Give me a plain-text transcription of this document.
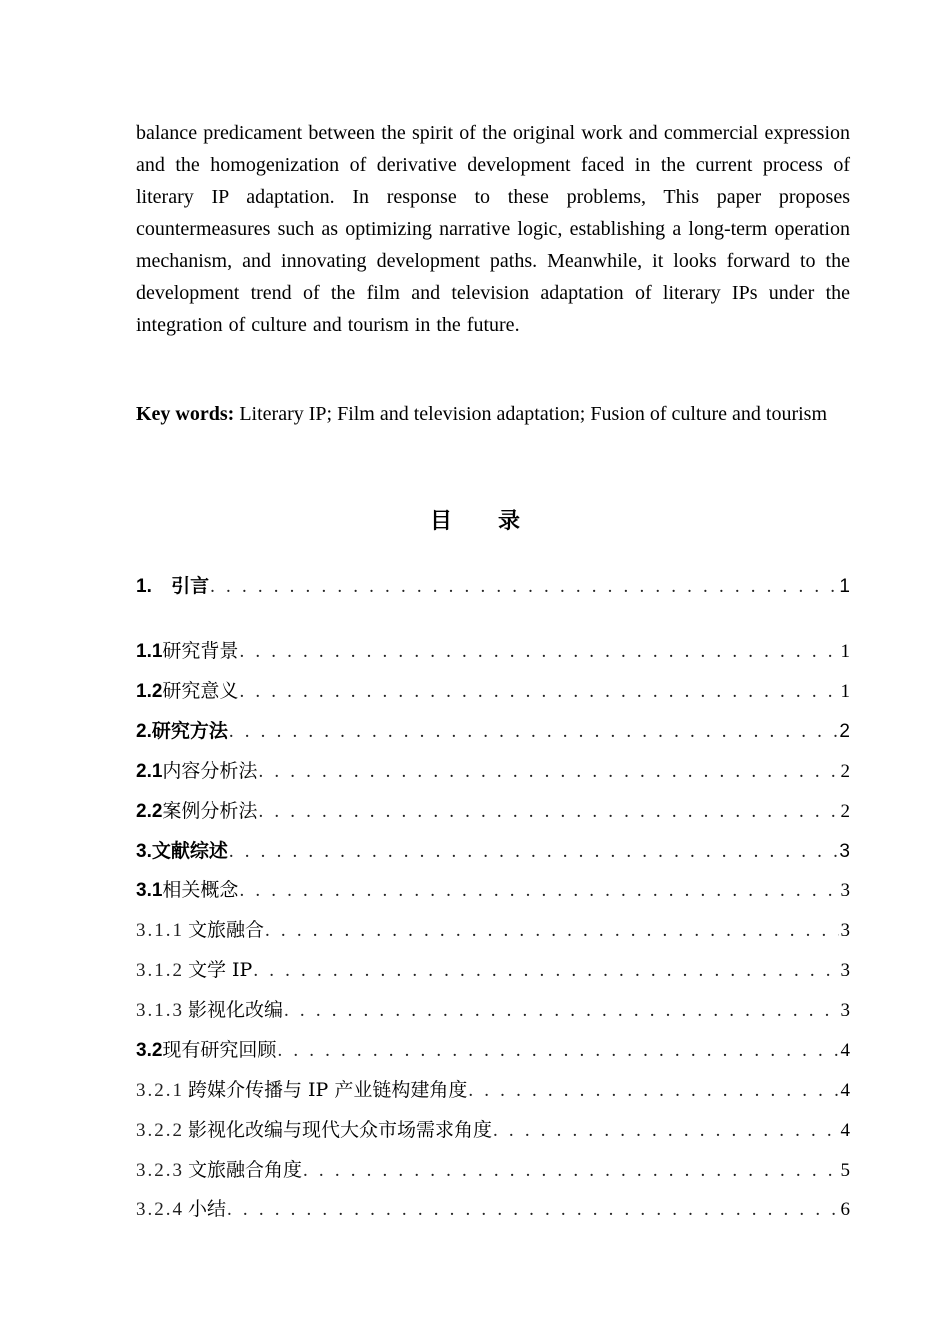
balance predicament between the spirit of the original work and commercial expression and the homogenization of derivative development faced in the current process of literary IP adaptation. In response to these problems, This paper proposes countermeasures such as optimizing narrative logic, establishing a long-term operation mechanism, and innovating development paths. Meanwhile, it looks forward to the development trend of the film and television adaptation of literary IPs under the integration of culture and tourism in the future.

Key words: Literary IP; Film and television adaptation; Fusion of culture and tourism

目录
1. 引言 . . .	1
1.1研究背景 . . .	1
1.2研究意义 . . .	1
2.研究方法 . . .	2
2.1内容分析法 . . .	2
2.2案例分析法 . . .	2
3.文献综述 . . .	3
3.1相关概念 . . .	3
3.1.1 文旅融合 . . .	3
3.1.2 文学 IP . . .	3
3.1.3 影视化改编 . . .	3
3.2现有研究回顾 . . .	4
3.2.1 跨媒介传播与 IP 产业链构建角度 . . .	4
3.2.2 影视化改编与现代大众市场需求角度 . . .	4
3.2.3 文旅融合角度 . . .	5
3.2.4 小结 . . .	6
